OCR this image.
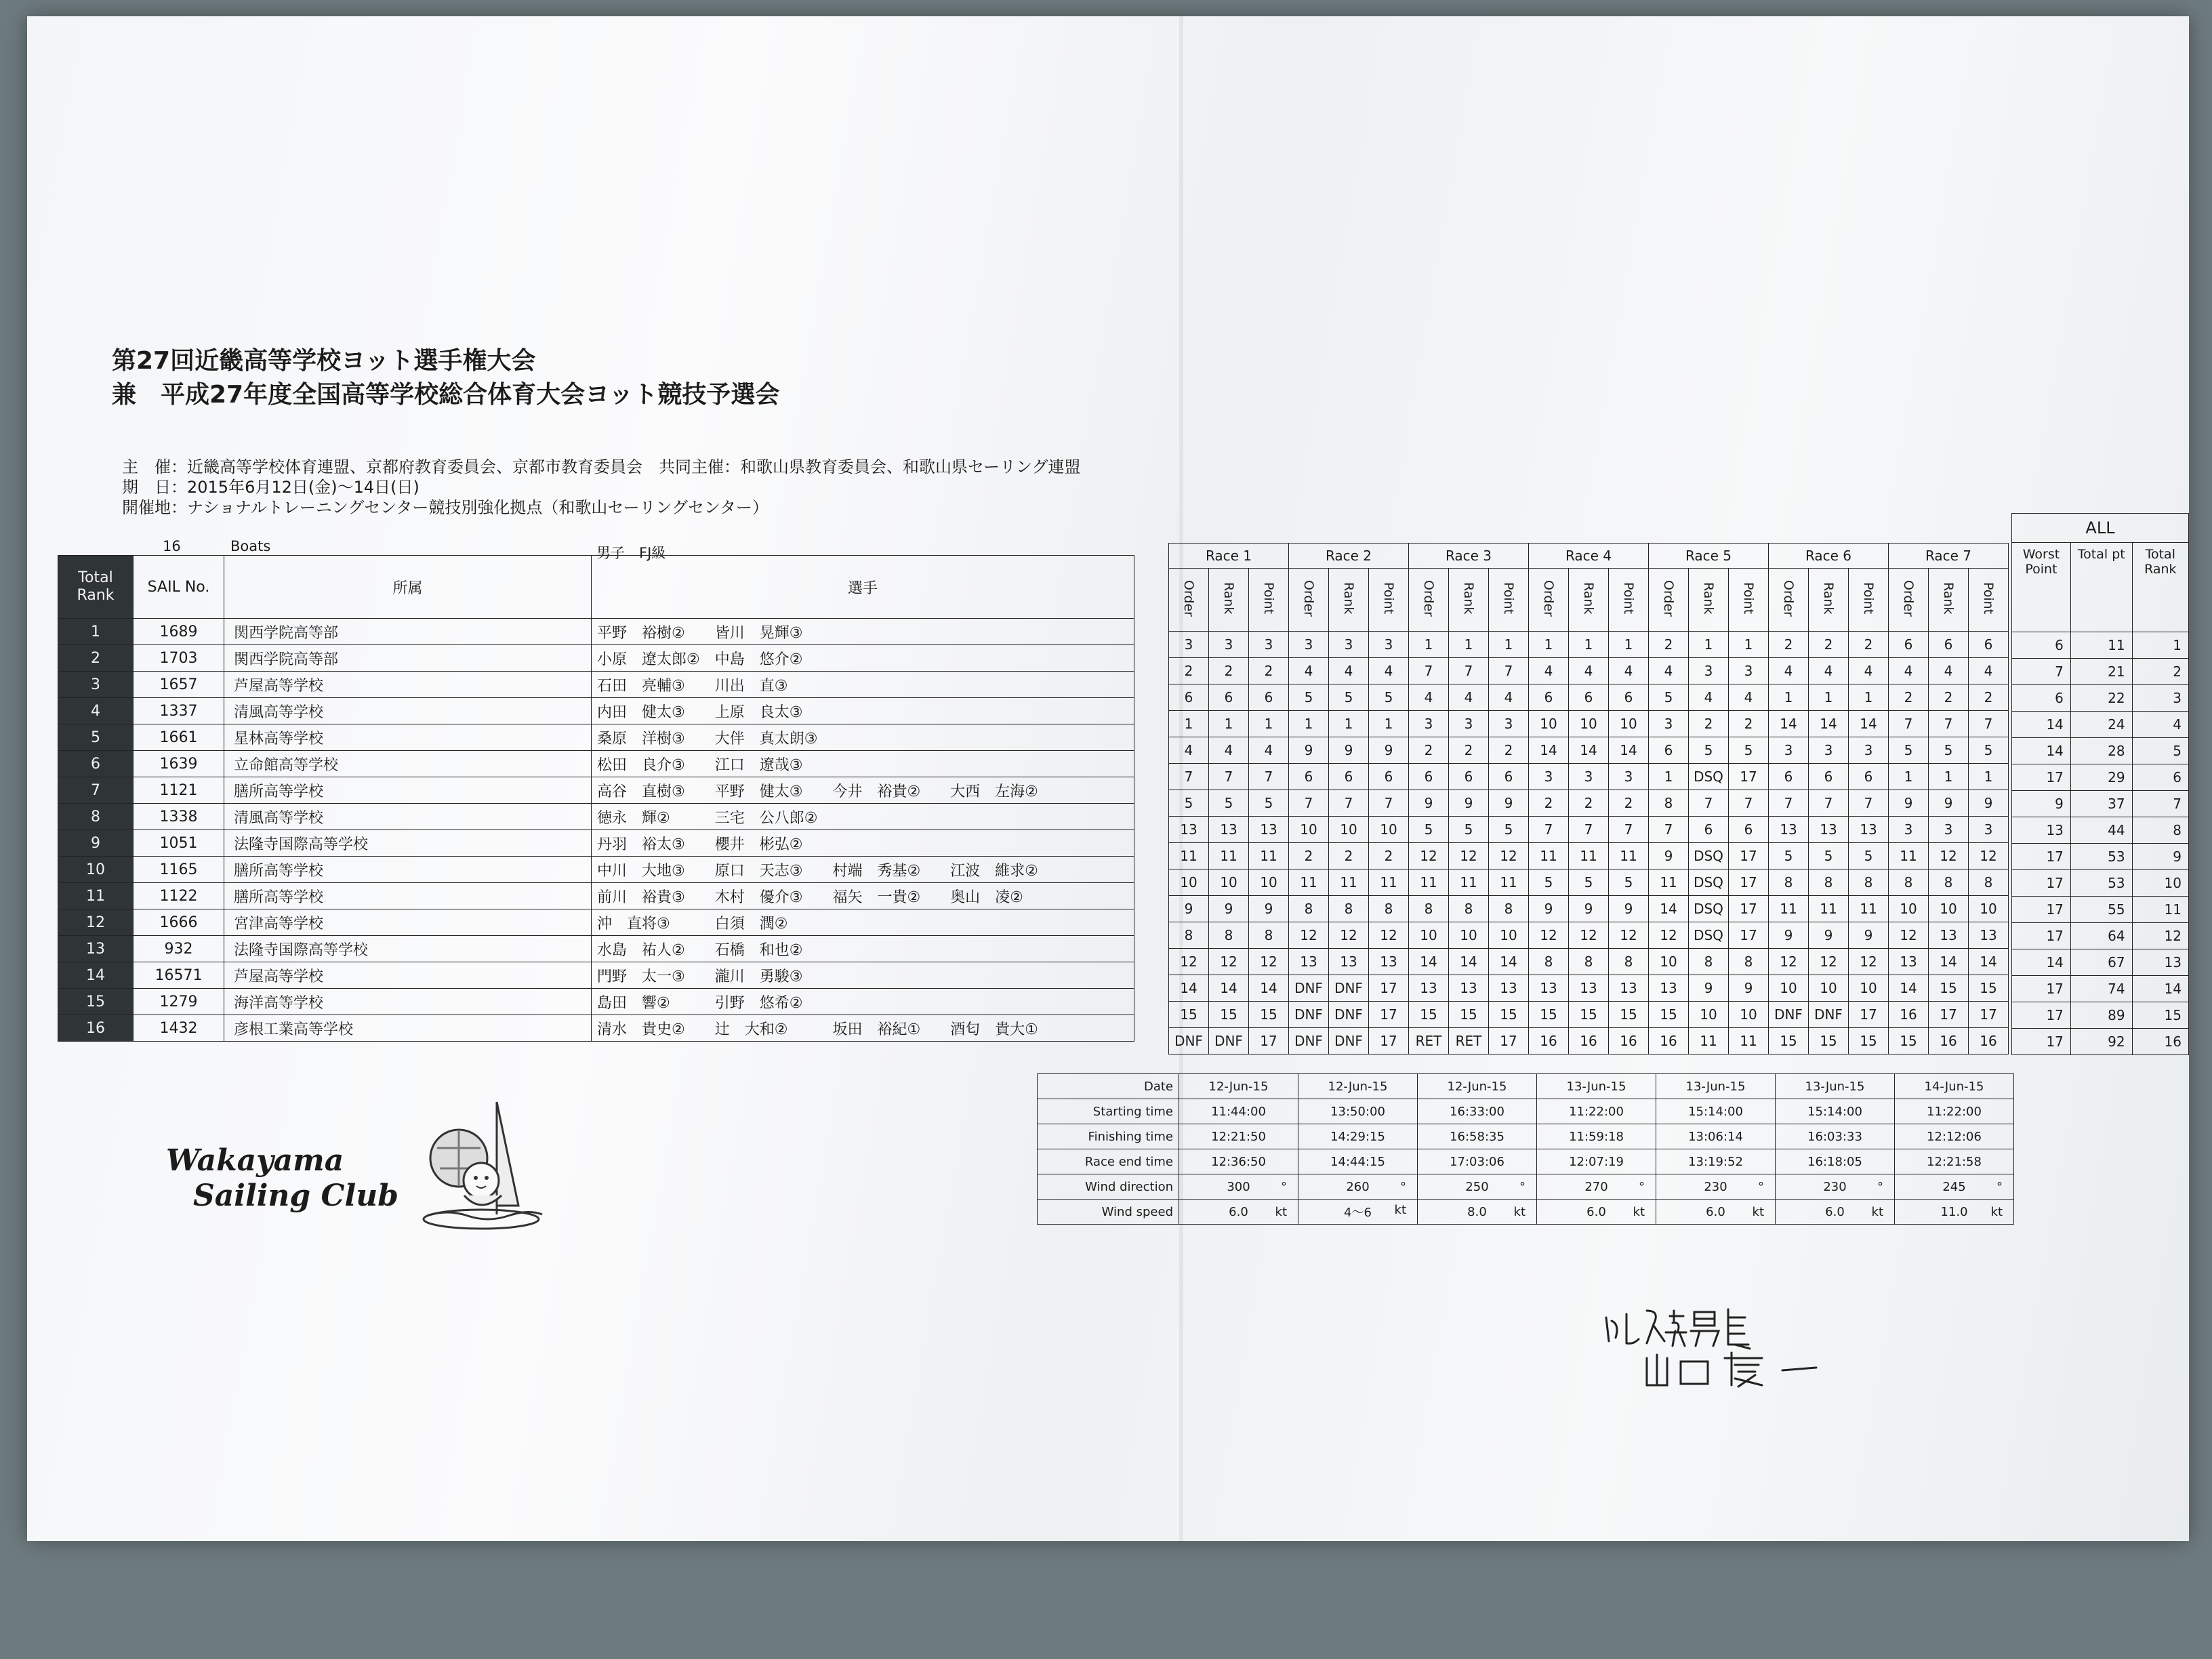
第27回近畿高等学校ヨット選手権大会
兼　平成27年度全国高等学校総合体育大会ヨット競技予選会
主　催：近畿高等学校体育連盟、京都府教育委員会、京都市教育委員会　共同主催：和歌山県教育委員会、和歌山県セーリング連盟
期　日：2015年6月12日(金)～14日(日)
開催地：ナショナルトレーニングセンター競技別強化拠点（和歌山セーリングセンター）
16	Boats	男子　FJ級
Total Rank	SAIL No.	所属	選手
1	1689	関西学院高等部	平野　裕樹②　　皆川　晃輝③
2	1703	関西学院高等部	小原　遼太郎②　中島　悠介②
3	1657	芦屋高等学校	石田　亮輔③　　川出　直③
4	1337	清風高等学校	内田　健太③　　上原　良太③
5	1661	星林高等学校	桑原　洋樹③　　大伴　真太朗③
6	1639	立命館高等学校	松田　良介③　　江口　遼哉③
7	1121	膳所高等学校	高谷　直樹③　　平野　健太③　　今井　裕貴②　　大西　左海②
8	1338	清風高等学校	徳永　輝②　　　三宅　公八郎②
9	1051	法隆寺国際高等学校	丹羽　裕太③　　櫻井　彬弘②
10	1165	膳所高等学校	中川　大地③　　原口　天志③　　村端　秀基②　　江波　維求②
11	1122	膳所高等学校	前川　裕貴③　　木村　優介③　　福矢　一貴②　　奥山　凌②
12	1666	宮津高等学校	沖　直将③　　　白須　潤②
13	932	法隆寺国際高等学校	水島　祐人②　　石橋　和也②
14	16571	芦屋高等学校	門野　太一③　　瀧川　勇駿③
15	1279	海洋高等学校	島田　響②　　　引野　悠希②
16	1432	彦根工業高等学校	清水　貴史②　　辻　大和②　　　坂田　裕紀①　　酒匂　貴大①
Race 1			Race 2			Race 3			Race 4			Race 5			Race 6			Race 7		
Order	Rank	Point	Order	Rank	Point	Order	Rank	Point	Order	Rank	Point	Order	Rank	Point	Order	Rank	Point	Order	Rank	Point
3	3	3	3	3	3	1	1	1	1	1	1	2	1	1	2	2	2	6	6	6
2	2	2	4	4	4	7	7	7	4	4	4	4	3	3	4	4	4	4	4	4
6	6	6	5	5	5	4	4	4	6	6	6	5	4	4	1	1	1	2	2	2
1	1	1	1	1	1	3	3	3	10	10	10	3	2	2	14	14	14	7	7	7
4	4	4	9	9	9	2	2	2	14	14	14	6	5	5	3	3	3	5	5	5
7	7	7	6	6	6	6	6	6	3	3	3	1	DSQ	17	6	6	6	1	1	1
5	5	5	7	7	7	9	9	9	2	2	2	8	7	7	7	7	7	9	9	9
13	13	13	10	10	10	5	5	5	7	7	7	7	6	6	13	13	13	3	3	3
11	11	11	2	2	2	12	12	12	11	11	11	9	DSQ	17	5	5	5	11	12	12
10	10	10	11	11	11	11	11	11	5	5	5	11	DSQ	17	8	8	8	8	8	8
9	9	9	8	8	8	8	8	8	9	9	9	14	DSQ	17	11	11	11	10	10	10
8	8	8	12	12	12	10	10	10	12	12	12	12	DSQ	17	9	9	9	12	13	13
12	12	12	13	13	13	14	14	14	8	8	8	10	8	8	12	12	12	13	14	14
14	14	14	DNF	DNF	17	13	13	13	13	13	13	13	9	9	10	10	10	14	15	15
15	15	15	DNF	DNF	17	15	15	15	15	15	15	15	10	10	DNF	DNF	17	16	17	17
DNF	DNF	17	DNF	DNF	17	RET	RET	17	16	16	16	16	11	11	15	15	15	15	16	16
ALL		
Worst Point	Total pt	Total Rank
6	11	1
7	21	2
6	22	3
14	24	4
14	28	5
17	29	6
9	37	7
13	44	8
17	53	9
17	53	10
17	55	11
17	64	12
14	67	13
17	74	14
17	89	15
17	92	16
Date	12-Jun-15	12-Jun-15	12-Jun-15	13-Jun-15	13-Jun-15	13-Jun-15	14-Jun-15
Starting time	11:44:00	13:50:00	16:33:00	11:22:00	15:14:00	15:14:00	11:22:00
Finishing time	12:21:50	14:29:15	16:58:35	11:59:18	13:06:14	16:03:33	12:12:06
Race end time	12:36:50	14:44:15	17:03:06	12:07:19	13:19:52	16:18:05	12:21:58
Wind direction	300 °	260 °	250 °	270 °	230 °	230 °	245 °

Wind speed	6.0 kt	4～6 kt	8.0 kt	6.0 kt	6.0 kt	6.0 kt	11.0 kt
Wakayama
Sailing Club
